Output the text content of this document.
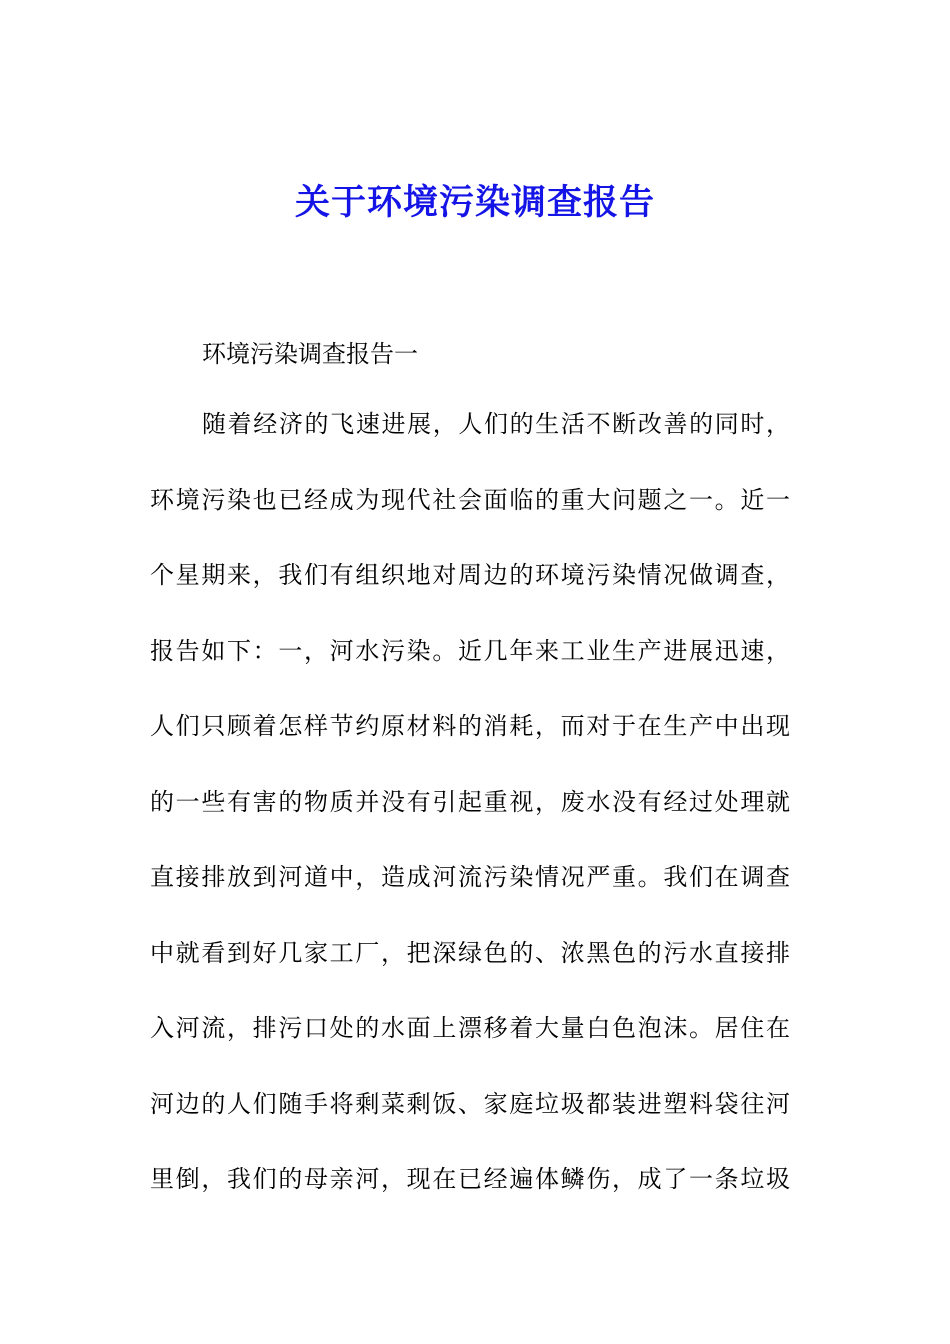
关于环境污染调查报告

环境污染调查报告一

随着经济的飞速进展，人们的生活不断改善的同时，
环境污染也已经成为现代社会面临的重大问题之一。近一
个星期来，我们有组织地对周边的环境污染情况做调查，
报告如下：一，河水污染。近几年来工业生产进展迅速，
人们只顾着怎样节约原材料的消耗，而对于在生产中出现
的一些有害的物质并没有引起重视，废水没有经过处理就
直接排放到河道中，造成河流污染情况严重。我们在调查
中就看到好几家工厂，把深绿色的、浓黑色的污水直接排
入河流，排污口处的水面上漂移着大量白色泡沫。居住在
河边的人们随手将剩菜剩饭、家庭垃圾都装进塑料袋往河
里倒，我们的母亲河，现在已经遍体鳞伤，成了一条垃圾
